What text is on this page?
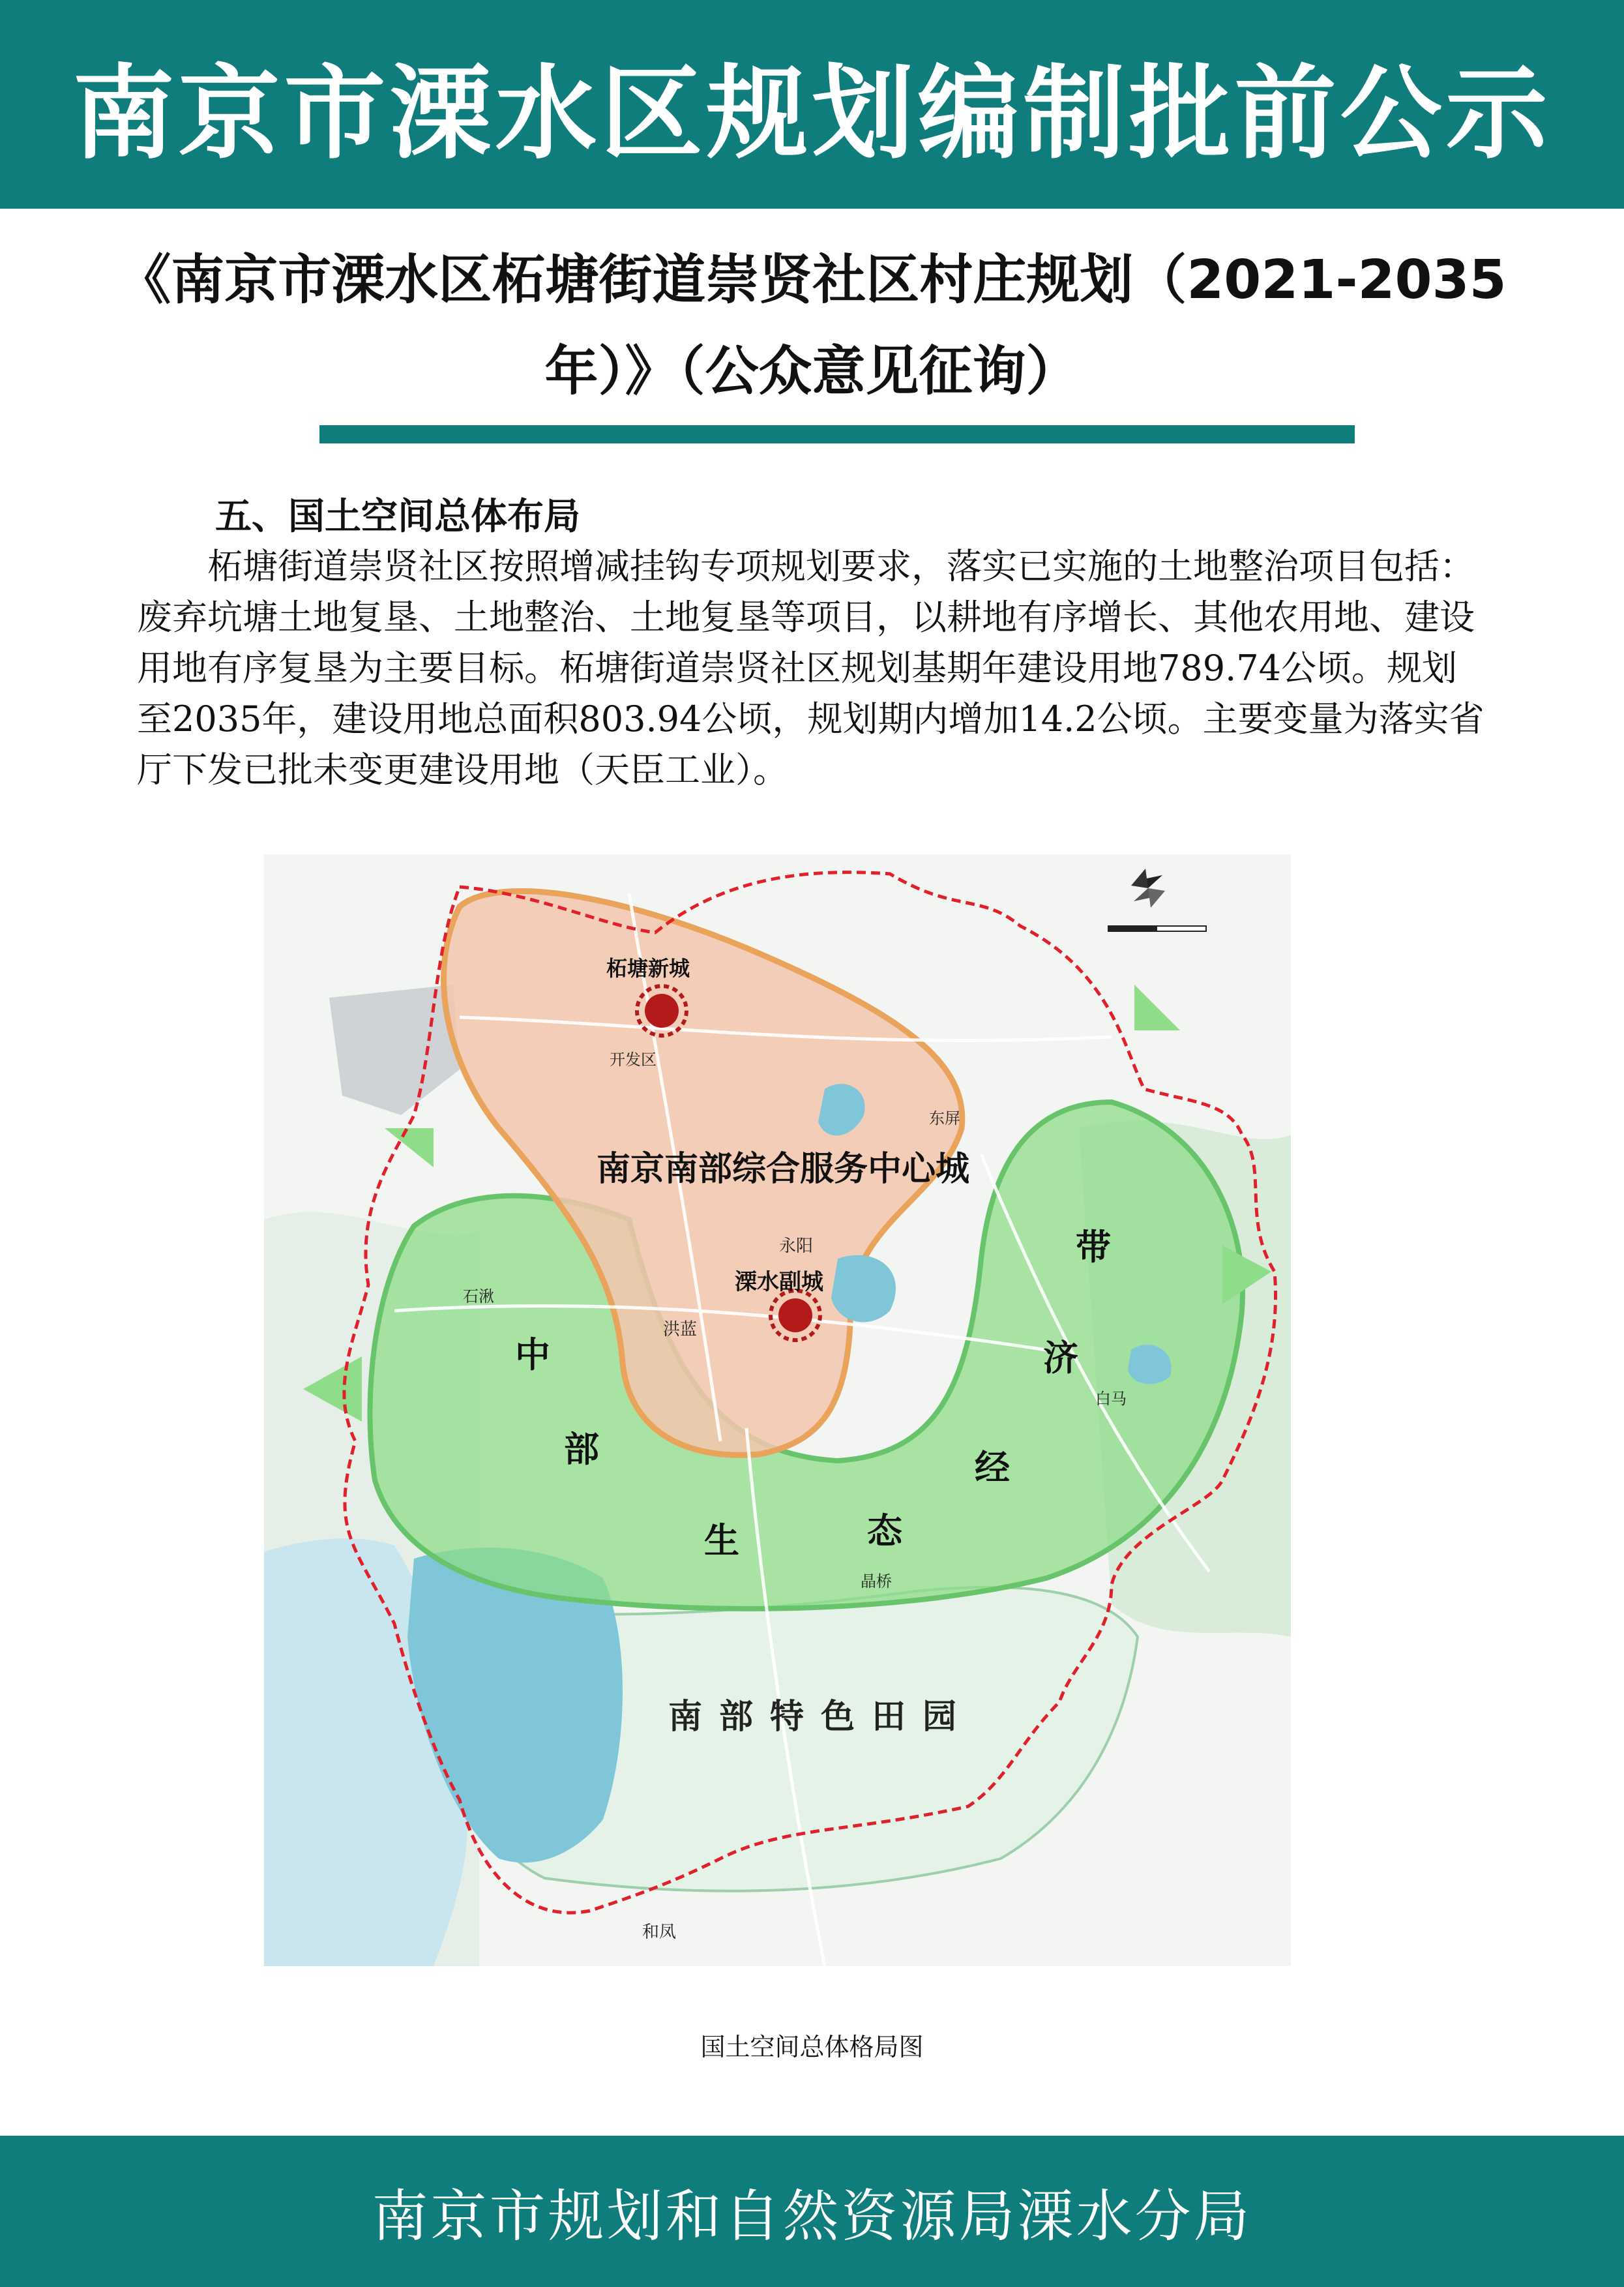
南京市溧水区规划编制批前公示
《南京市溧水区柘塘街道崇贤社区村庄规划（2021-2035
年）》（公众意见征询）
五、国土空间总体布局

柘塘街道崇贤社区按照增减挂钩专项规划要求，落实已实施的土地整治项目包括：废弃坑塘土地复垦、土地整治、土地复垦等项目，以耕地有序增长、其他农用地、建设用地有序复垦为主要目标。柘塘街道崇贤社区规划基期年建设用地789.74公顷。规划至2035年，建设用地总面积803.94公顷，规划期内增加14.2公顷。主要变量为落实省厅下发已批未变更建设用地（天臣工业）。

柘塘新城
开发区
东屏
南京南部综合服务中心城
永阳
溧水副城
石湫
洪蓝
白马
晶桥
和凤
南部特色田园
中
部
生	态
经
济
带
国土空间总体格局图
南京市规划和自然资源局溧水分局
